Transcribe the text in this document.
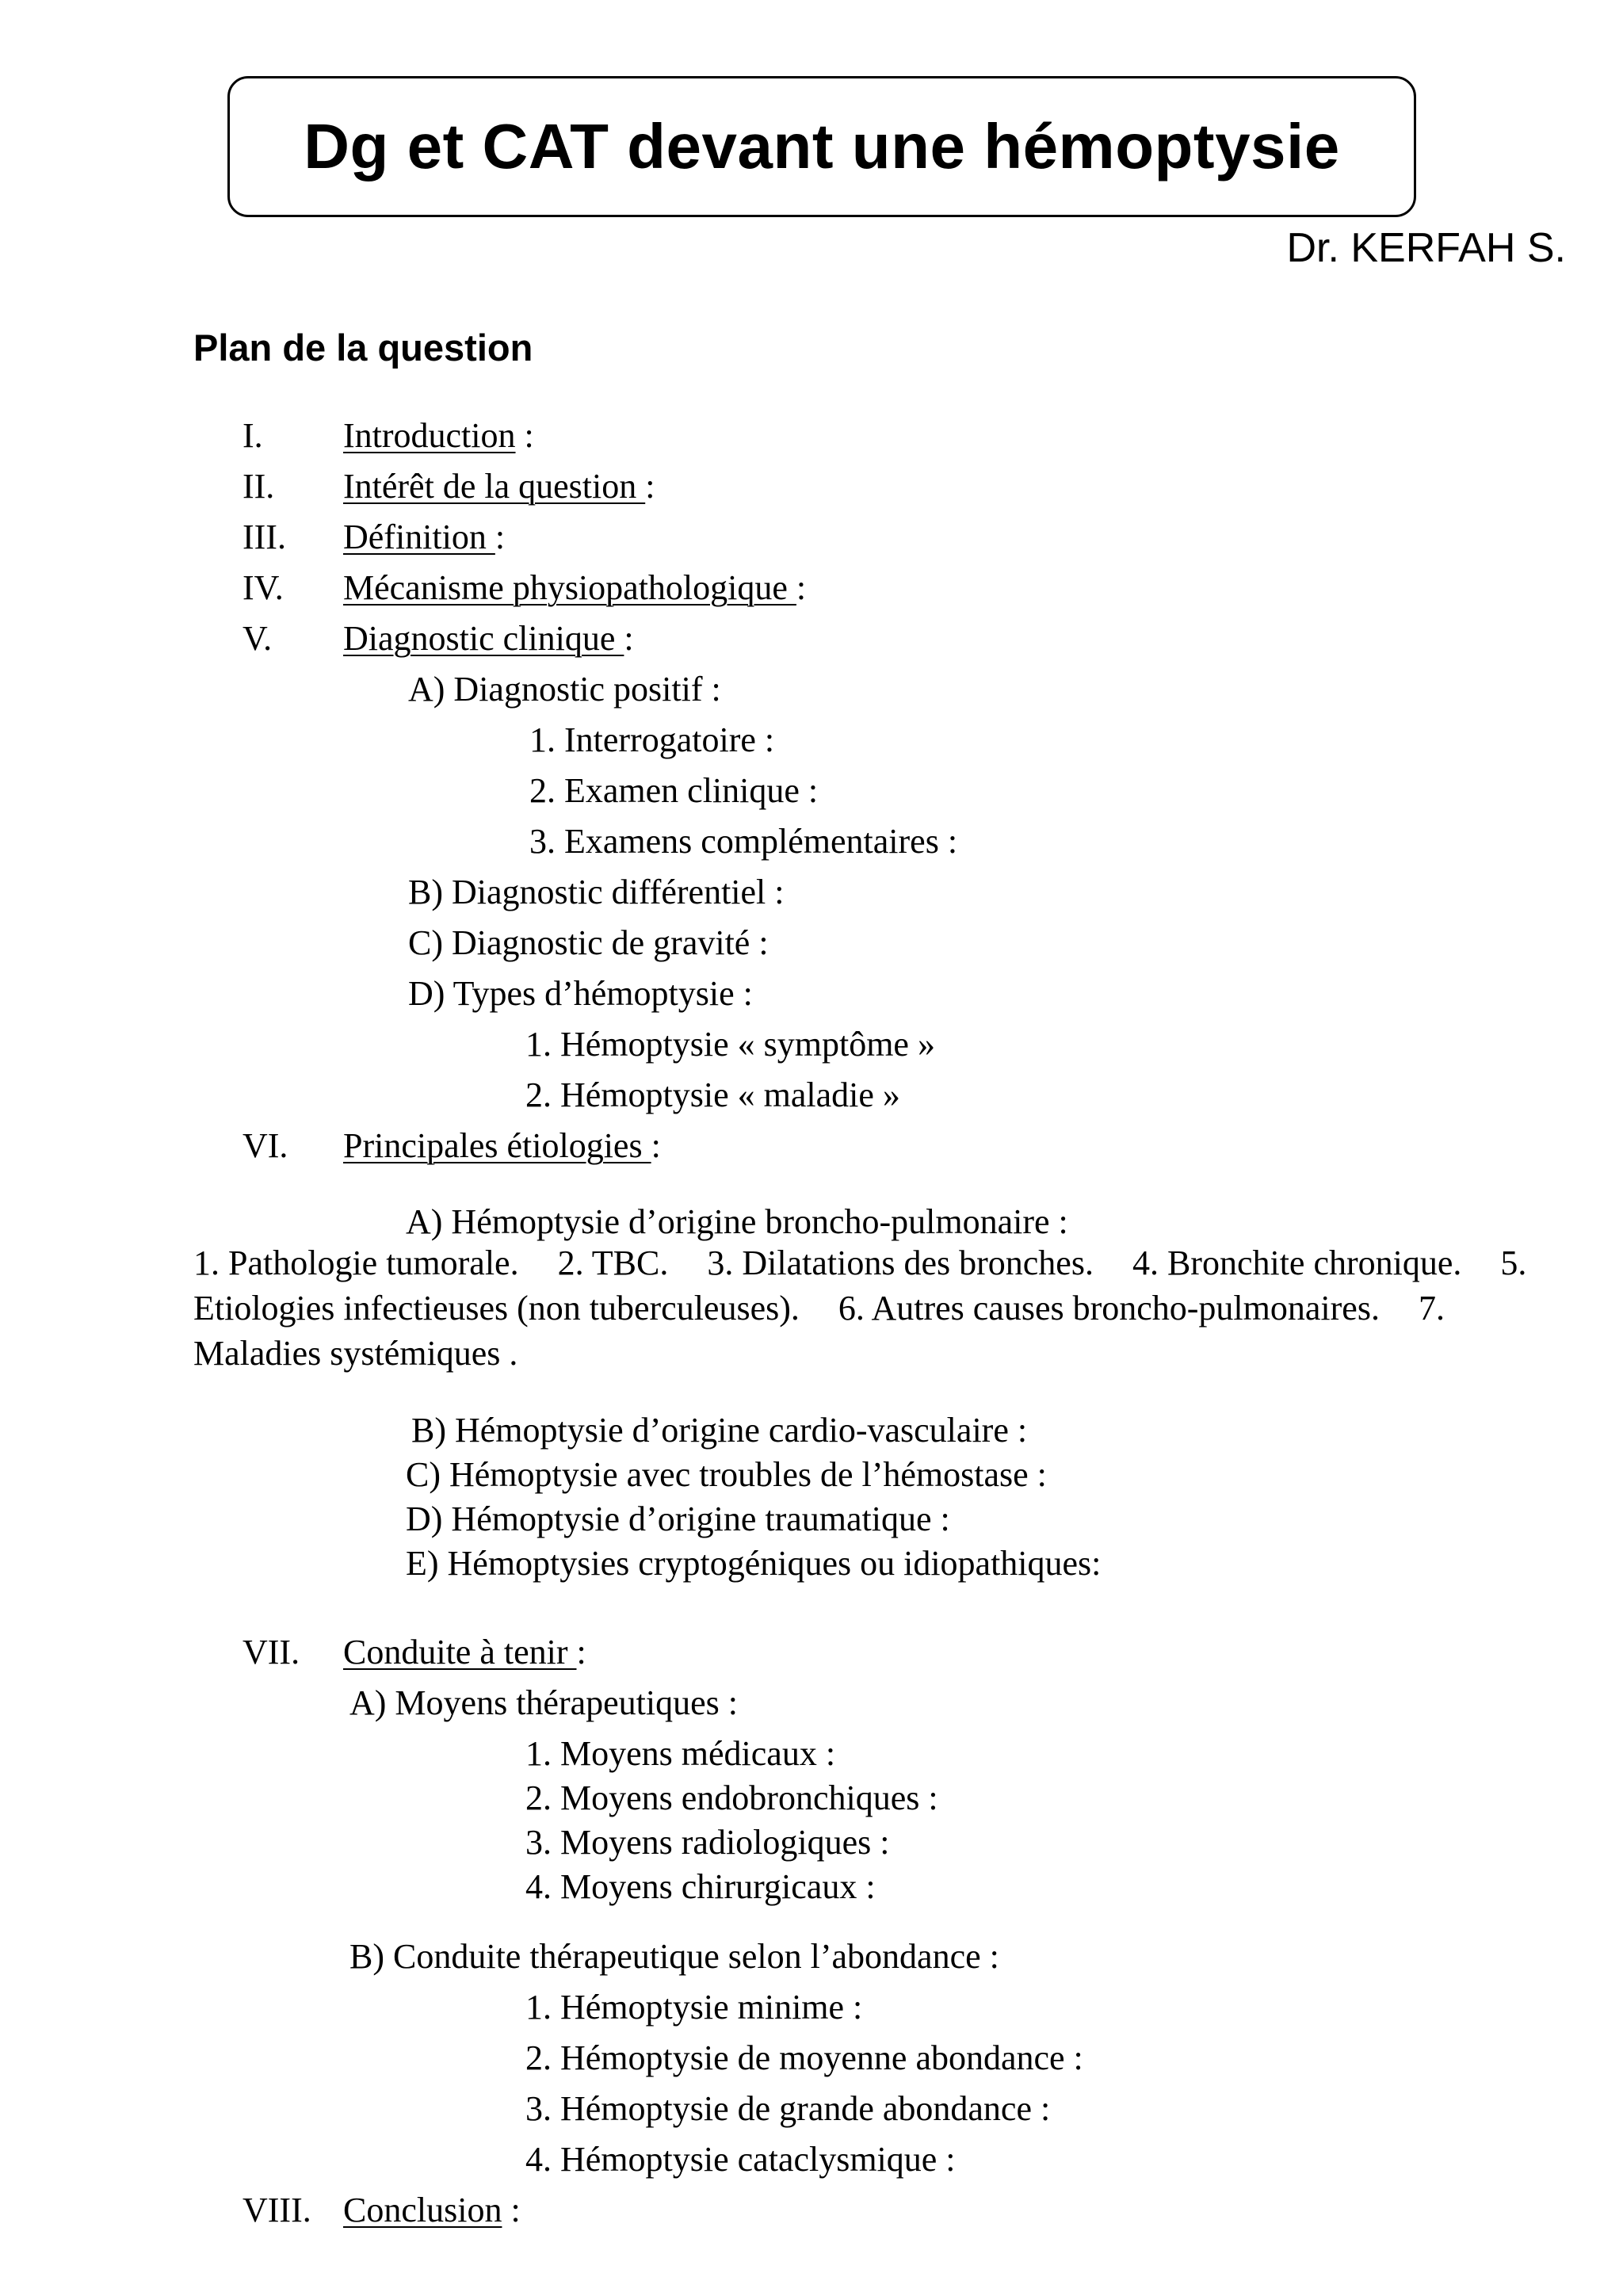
Dg et CAT devant une hémoptysie
Dr. KERFAH S.
Plan de la question
I. Introduction :
II. Intérêt de la question :
III. Définition :
IV. Mécanisme physiopathologique :
V. Diagnostic clinique :
A) Diagnostic positif :
1. Interrogatoire :
2. Examen clinique :
3. Examens complémentaires :
B) Diagnostic différentiel :
C) Diagnostic de gravité :
D) Types d’hémoptysie :
1. Hémoptysie « symptôme »
2. Hémoptysie « maladie »
VI. Principales étiologies :
A) Hémoptysie d’origine broncho-pulmonaire :
1. Pathologie tumorale. 2. TBC. 3. Dilatations des bronches. 4. Bronchite chronique. 5. Etiologies infectieuses (non tuberculeuses). 6. Autres causes broncho-pulmonaires. 7. Maladies systémiques .
B) Hémoptysie d’origine cardio-vasculaire :
C) Hémoptysie avec troubles de l’hémostase :
D) Hémoptysie d’origine traumatique :
E) Hémoptysies cryptogéniques ou idiopathiques:
VII. Conduite à tenir :
A) Moyens thérapeutiques :
1. Moyens médicaux :
2. Moyens endobronchiques :
3. Moyens radiologiques :
4. Moyens chirurgicaux :
B) Conduite thérapeutique selon l’abondance :
1. Hémoptysie minime :
2. Hémoptysie de moyenne abondance :
3. Hémoptysie de grande abondance :
4. Hémoptysie cataclysmique :
VIII. Conclusion :
